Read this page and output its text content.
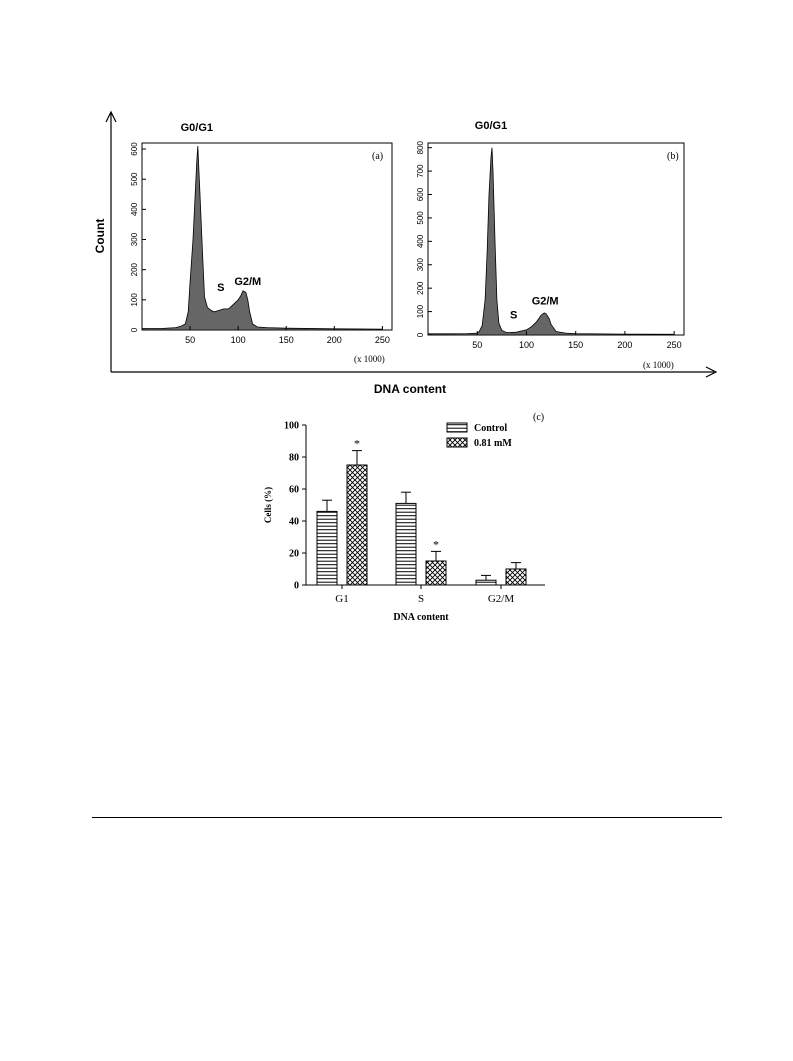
Count
DNA content
0
100
200
300
400
500
600
50	100	150	200	250
(a)
(x 1000)
G0/G1
S
G2/M
0
100
200
300
400
500
600
700
800
50	100	150	200	250
(b)
(x 1000)
G0/G1
S
G2/M
(c)
0
20
40
60
80
100
*
*
G1	S	G2/M
Cells (%)
DNA content
Control
0.81 mM
